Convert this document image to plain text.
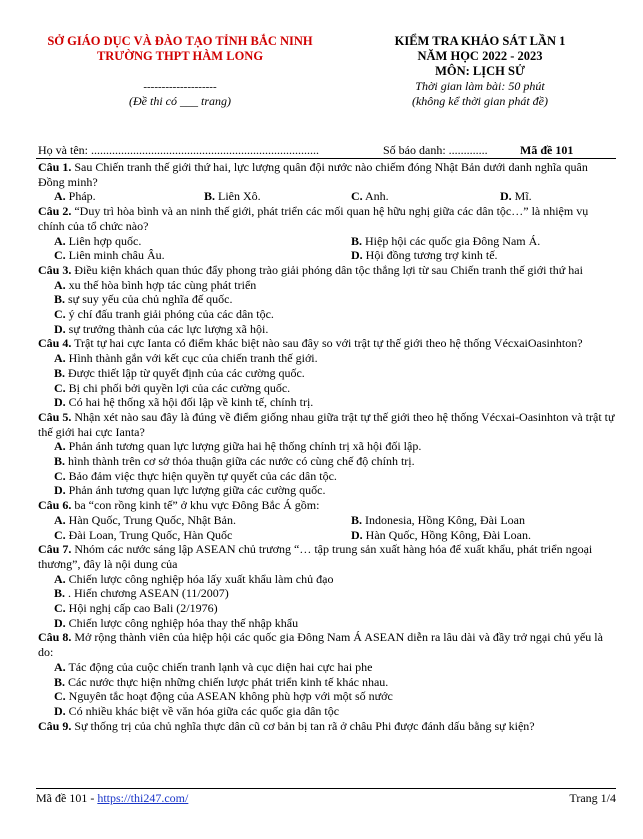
SỞ GIÁO DỤC VÀ ĐÀO TẠO TỈNH BẮC NINH
TRƯỜNG THPT HÀM LONG
--------------------
(Đề thi có ___ trang)
KIỂM TRA KHẢO SÁT LẦN 1
NĂM HỌC 2022 - 2023
MÔN: LỊCH SỬ
Thời gian làm bài: 50 phút
(không kể thời gian phát đề)
Họ và tên: ............................................................................	Số báo danh: .............	Mã đề 101
Câu 1. Sau Chiến tranh thế giới thứ hai, lực lượng quân đội nước nào chiếm đóng Nhật Bản dưới danh nghĩa quân Đồng minh?
A. Pháp.	B. Liên Xô.	C. Anh.	D. Mĩ.
Câu 2. “Duy trì hòa bình và an ninh thế giới, phát triển các mối quan hệ hữu nghị giữa các dân tộc…” là nhiệm vụ chính của tổ chức nào?
A. Liên hợp quốc.	B. Hiệp hội các quốc gia Đông Nam Á.
C. Liên minh châu Âu.	D. Hội đồng tương trợ kinh tế.
Câu 3. Điều kiện khách quan thúc đẩy phong trào giải phóng dân tộc thắng lợi từ sau Chiến tranh thế giới thứ hai
A. xu thế hòa bình hợp tác cùng phát triển
B. sự suy yếu của chủ nghĩa đế quốc.
C. ý chí đấu tranh giải phóng của các dân tộc.
D. sự trưởng thành của các lực lượng xã hội.
Câu 4. Trật tự hai cực Ianta có điểm khác biệt nào sau đây so với trật tự thế giới theo hệ thống VécxaiOasinhton?
A. Hình thành gắn với kết cục của chiến tranh thế giới.
B. Được thiết lập từ quyết định của các cường quốc.
C. Bị chi phối bởi quyền lợi của các cường quốc.
D. Có hai hệ thống xã hội đối lập về kinh tế, chính trị.
Câu 5. Nhận xét nào sau đây là đúng về điểm giống nhau giữa trật tự thế giới theo hệ thống Vécxai-Oasinhton và trật tự thế giới hai cực Ianta?
A. Phản ánh tương quan lực lượng giữa hai hệ thống chính trị xã hội đối lập.
B. hình thành trên cơ sở thỏa thuận giữa các nước có cùng chế độ chính trị.
C. Bảo đảm việc thực hiện quyền tự quyết của các dân tộc.
D. Phản ánh tương quan lực lượng giữa các cường quốc.
Câu 6. ba “con rồng kinh tế” ở khu vực Đông Bắc Á gồm:
A. Hàn Quốc, Trung Quốc, Nhật Bản.	B. Indonesia, Hồng Kông, Đài Loan
C. Đài Loan, Trung Quốc, Hàn Quốc	D. Hàn Quốc, Hồng Kông, Đài Loan.
Câu 7. Nhóm các nước sáng lập ASEAN chủ trương “… tập trung sản xuất hàng hóa để xuất khẩu, phát triển ngoại thương”, đây là nội dung của
A. Chiến lược công nghiệp hóa lấy xuất khẩu làm chủ đạo
B. . Hiến chương ASEAN (11/2007)
C. Hội nghị cấp cao Bali (2/1976)
D. Chiến lược công nghiệp hóa thay thế nhập khẩu
Câu 8. Mở rộng thành viên của hiệp hội các quốc gia Đông Nam Á ASEAN diễn ra lâu dài và đầy trở ngại chủ yếu là do:
A. Tác động của cuộc chiến tranh lạnh và cục diện hai cực hai phe
B. Các nước thực hiện những chiến lược phát triển kinh tế khác nhau.
C. Nguyên tắc hoạt động của ASEAN không phù hợp với một số nước
D. Có nhiều khác biệt về văn hóa giữa các quốc gia dân tộc
Câu 9. Sự thống trị của chủ nghĩa thực dân cũ cơ bản bị tan rã ở châu Phi được đánh dấu bằng sự kiện?
Mã đề 101 - https://thi247.com/	Trang 1/4
